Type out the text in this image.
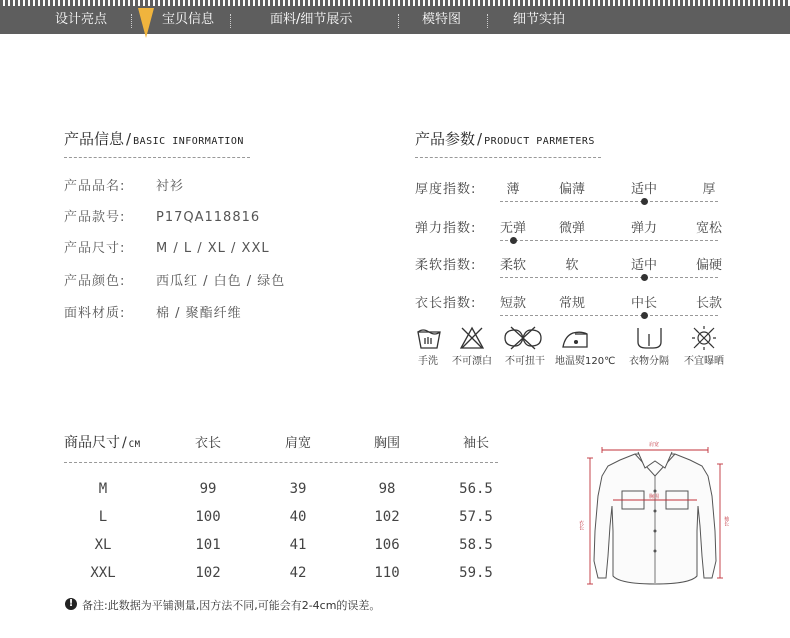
设计亮点	宝贝信息	面料/细节展示	模特图	细节实拍
产品信息 / BASIC INFORMATION
产品品名: 衬衫
产品款号: P17QA118816
产品尺寸: M / L / XL / XXL
产品颜色: 西瓜红 / 白色 / 绿色
面料材质: 棉 / 聚酯纤维
产品参数 / PRODUCT PARMETERS
厚度指数:	薄	偏薄	适中	厚
弹力指数:	无弹	微弹	弹力	宽松
柔软指数:	柔软	软	适中	偏硬
衣长指数:	短款	常规	中长	长款
手洗	不可漂白	不可扭干	地温熨120℃	衣物分隔	不宜曝晒
商品尺寸 / CM	衣长	肩宽	胸围	袖长
M	99	39	98	56.5
L	100	40	102	57.5
XL	101	41	106	58.5
XXL	102	42	110	59.5
! 备注:此数据为平铺测量,因方法不同,可能会有2-4cm的误差。
肩宽
胸围
衣长	袖长
